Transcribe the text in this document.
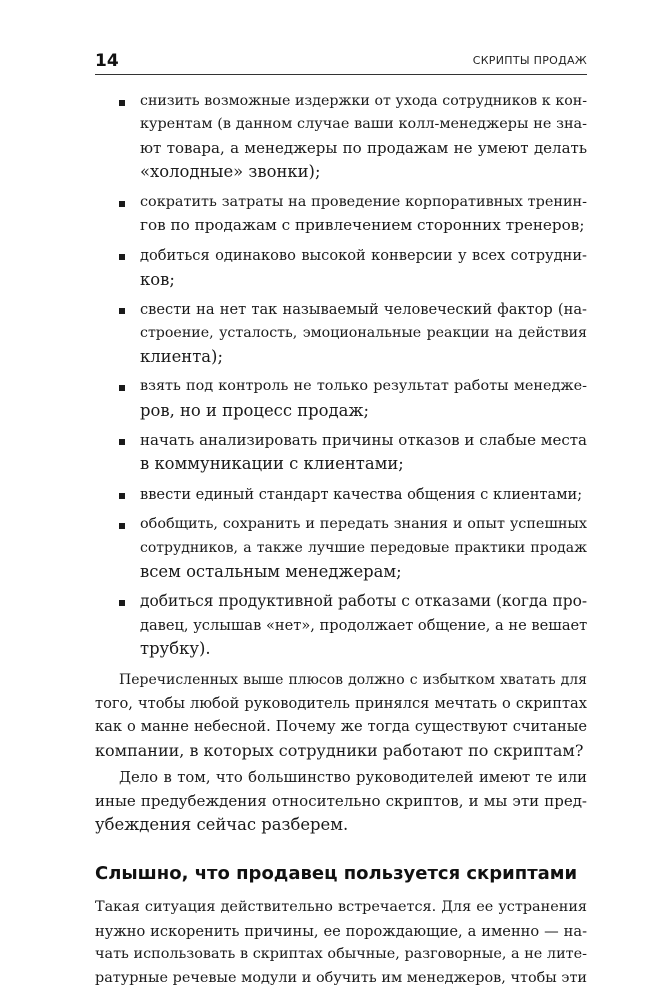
14	СКРИПТЫ ПРОДАЖ
снизить возможные издержки от ухода сотрудников к кон-
курентам (в данном случае ваши колл-менеджеры не зна-
ют товара, а менеджеры по продажам не умеют делать
«холодные» звонки);
сократить затраты на проведение корпоративных тренин-
гов по продажам с привлечением сторонних тренеров;
добиться одинаково высокой конверсии у всех сотрудни-
ков;
свести на нет так называемый человеческий фактор (на-
строение, усталость, эмоциональные реакции на действия
клиента);
взять под контроль не только результат работы менедже-
ров, но и процесс продаж;
начать анализировать причины отказов и слабые места
в коммуникации с клиентами;
ввести единый стандарт качества общения с клиентами;
обобщить, сохранить и передать знания и опыт успешных
сотрудников, а также лучшие передовые практики продаж
всем остальным менеджерам;
добиться продуктивной работы с отказами (когда про-
давец, услышав «нет», продолжает общение, а не вешает
трубку).
Перечисленных выше плюсов должно с избытком хватать для
того, чтобы любой руководитель принялся мечтать о скриптах
как о манне небесной. Почему же тогда существуют считаные
компании, в которых сотрудники работают по скриптам?
Дело в том, что большинство руководителей имеют те или
иные предубеждения относительно скриптов, и мы эти пред-
убеждения сейчас разберем.
Слышно, что продавец пользуется скриптами
Такая ситуация действительно встречается. Для ее устранения
нужно искоренить причины, ее порождающие, а именно — на-
чать использовать в скриптах обычные, разговорные, а не лите-
ратурные речевые модули и обучить им менеджеров, чтобы эти
